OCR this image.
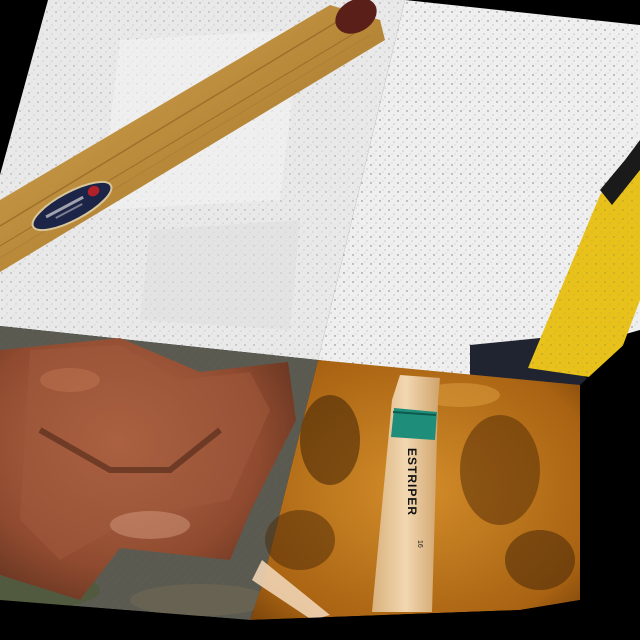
ESTRIPER
16
